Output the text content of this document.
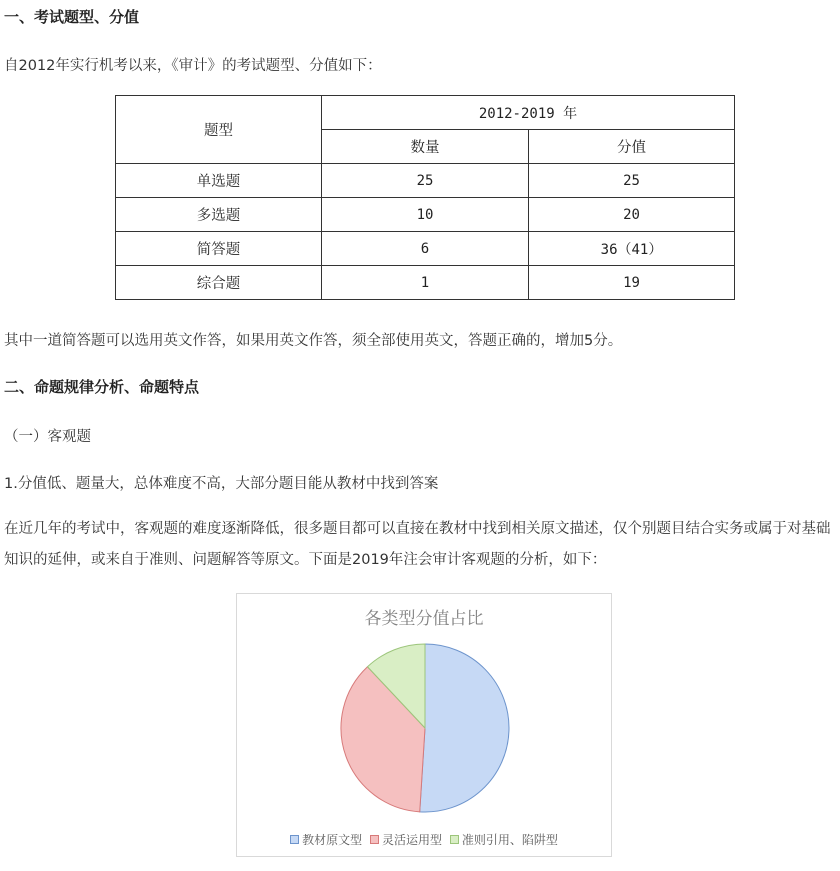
一、考试题型、分值

自2012年实行机考以来，《审计》的考试题型、分值如下：

题型	2012-2019 年	
	数量	分值
单选题	25	25
多选题	10	20
简答题	6	36（41）
综合题	1	19

其中一道简答题可以选用英文作答，如果用英文作答，须全部使用英文，答题正确的，增加5分。

二、命题规律分析、命题特点

（一）客观题

1.分值低、题量大，总体难度不高，大部分题目能从教材中找到答案

在近几年的考试中，客观题的难度逐渐降低，很多题目都可以直接在教材中找到相关原文描述，仅个别题目结合实务或属于对基础知识的延伸，或来自于准则、问题解答等原文。下面是2019年注会审计客观题的分析，如下：

各类型分值占比
教材原文型 灵活运用型 准则引用、陷阱型
